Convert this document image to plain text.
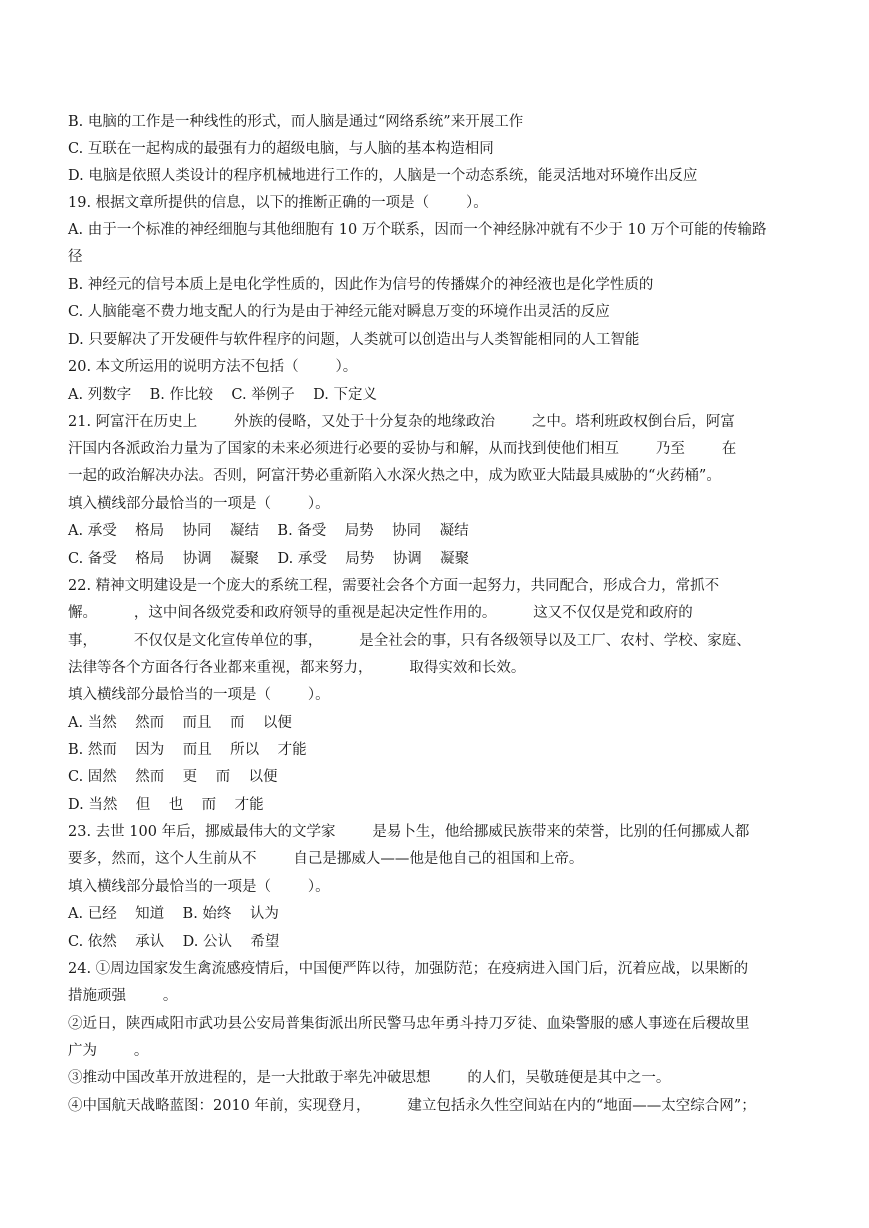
B. 电脑的工作是一种线性的形式，而人脑是通过“网络系统”来开展工作
C. 互联在一起构成的最强有力的超级电脑，与人脑的基本构造相同
D. 电脑是依照人类设计的程序机械地进行工作的，人脑是一个动态系统，能灵活地对环境作出反应
19. 根据文章所提供的信息，以下的推断正确的一项是（        ）。
A. 由于一个标准的神经细胞与其他细胞有 10 万个联系，因而一个神经脉冲就有不少于 10 万个可能的传输路
径
B. 神经元的信号本质上是电化学性质的，因此作为信号的传播媒介的神经液也是化学性质的
C. 人脑能毫不费力地支配人的行为是由于神经元能对瞬息万变的环境作出灵活的反应
D. 只要解决了开发硬件与软件程序的问题，人类就可以创造出与人类智能相同的人工智能
20. 本文所运用的说明方法不包括（        ）。
A. 列数字    B. 作比较    C. 举例子    D. 下定义
21. 阿富汗在历史上        外族的侵略，又处于十分复杂的地缘政治        之中。塔利班政权倒台后，阿富
汗国内各派政治力量为了国家的未来必须进行必要的妥协与和解，从而找到使他们相互        乃至        在
一起的政治解决办法。否则，阿富汗势必重新陷入水深火热之中，成为欧亚大陆最具威胁的“火药桶”。
填入横线部分最恰当的一项是（        ）。
A. 承受    格局    协同    凝结    B. 备受    局势    协同    凝结
C. 备受    格局    协调    凝聚    D. 承受    局势    协调    凝聚
22. 精神文明建设是一个庞大的系统工程，需要社会各个方面一起努力，共同配合，形成合力，常抓不
懈。        ，这中间各级党委和政府领导的重视是起决定性作用的。        这又不仅仅是党和政府的
事，        不仅仅是文化宣传单位的事，        是全社会的事，只有各级领导以及工厂、农村、学校、家庭、
法律等各个方面各行各业都来重视，都来努力，        取得实效和长效。
填入横线部分最恰当的一项是（        ）。
A. 当然    然而    而且    而    以便
B. 然而    因为    而且    所以    才能
C. 固然    然而    更    而    以便
D. 当然    但    也    而    才能
23. 去世 100 年后，挪威最伟大的文学家        是易卜生，他给挪威民族带来的荣誉，比别的任何挪威人都
要多，然而，这个人生前从不        自己是挪威人——他是他自己的祖国和上帝。
填入横线部分最恰当的一项是（        ）。
A. 已经    知道    B. 始终    认为
C. 依然    承认    D. 公认    希望
24. ①周边国家发生禽流感疫情后，中国便严阵以待，加强防范；在疫病进入国门后，沉着应战，以果断的
措施顽强        。
②近日，陕西咸阳市武功县公安局普集街派出所民警马忠年勇斗持刀歹徒、血染警服的感人事迹在后稷故里
广为        。
③推动中国改革开放进程的，是一大批敢于率先冲破思想        的人们，吴敬琏便是其中之一。
④中国航天战略蓝图：2010 年前，实现登月，        建立包括永久性空间站在内的“地面——太空综合网”；
